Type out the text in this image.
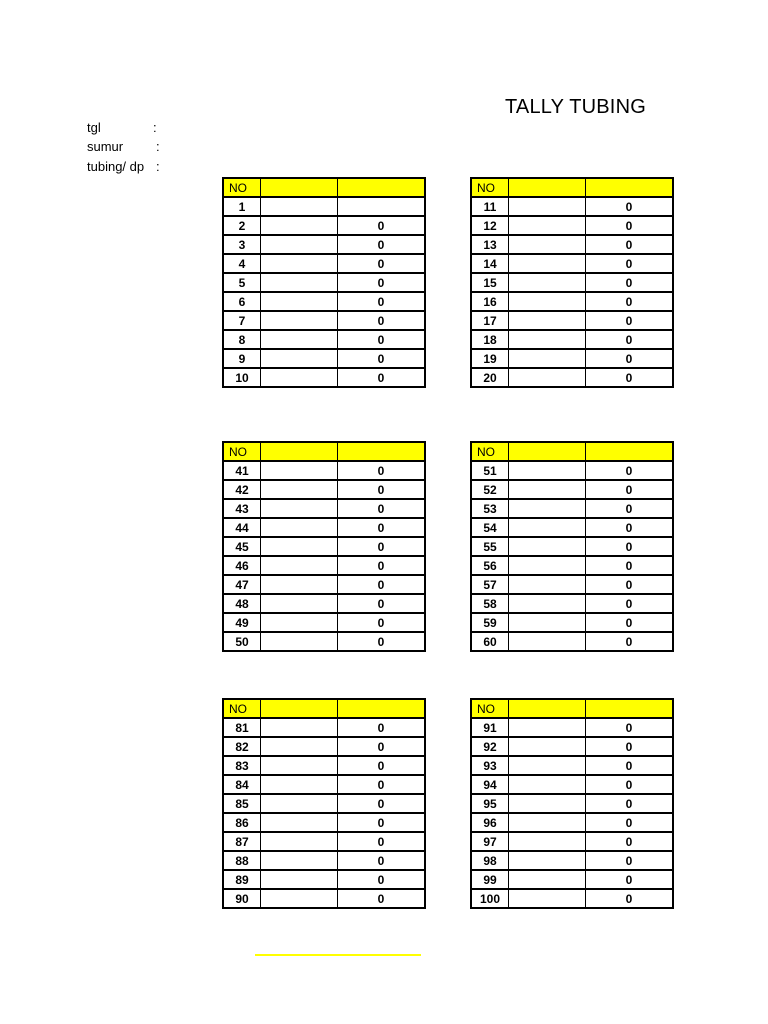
TALLY TUBING
tgl	:
sumur	:
tubing/ dp :
NO		
1		
2		0
3		0
4		0
5		0
6		0
7		0
8		0
9		0
10		0
NO		
11		0
12		0
13		0
14		0
15		0
16		0
17		0
18		0
19		0
20		0
NO		
41		0
42		0
43		0
44		0
45		0
46		0
47		0
48		0
49		0
50		0
NO		
51		0
52		0
53		0
54		0
55		0
56		0
57		0
58		0
59		0
60		0
NO		
81		0
82		0
83		0
84		0
85		0
86		0
87		0
88		0
89		0
90		0
NO		
91		0
92		0
93		0
94		0
95		0
96		0
97		0
98		0
99		0
100		0
